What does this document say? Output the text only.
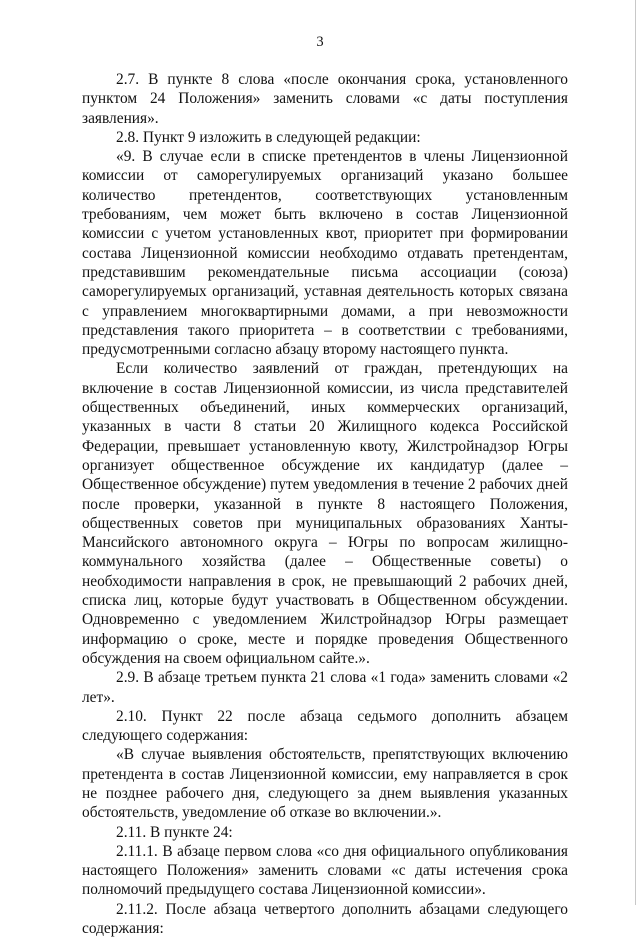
3

2.7. В пункте 8 слова «после окончания срока, установленного пунктом 24 Положения» заменить словами «с даты поступления заявления».

2.8. Пункт 9 изложить в следующей редакции:

«9. В случае если в списке претендентов в члены Лицензионной комиссии от саморегулируемых организаций указано большее количество претендентов, соответствующих установленным требованиям, чем может быть включено в состав Лицензионной комиссии с учетом установленных квот, приоритет при формировании состава Лицензионной комиссии необходимо отдавать претендентам, представившим рекомендательные письма ассоциации (союза) саморегулируемых организаций, уставная деятельность которых связана с управлением многоквартирными домами, а при невозможности представления такого приоритета – в соответствии с требованиями, предусмотренными согласно абзацу второму настоящего пункта.

Если количество заявлений от граждан, претендующих на включение в состав Лицензионной комиссии, из числа представителей общественных объединений, иных коммерческих организаций, указанных в части 8 статьи 20 Жилищного кодекса Российской Федерации, превышает установленную квоту, Жилстройнадзор Югры организует общественное обсуждение их кандидатур (далее – Общественное обсуждение) путем уведомления в течение 2 рабочих дней после проверки, указанной в пункте 8 настоящего Положения, общественных советов при муниципальных образованиях Ханты-Мансийского автономного округа – Югры по вопросам жилищно-коммунального хозяйства (далее – Общественные советы) о необходимости направления в срок, не превышающий 2 рабочих дней, списка лиц, которые будут участвовать в Общественном обсуждении. Одновременно с уведомлением Жилстройнадзор Югры размещает информацию о сроке, месте и порядке проведения Общественного обсуждения на своем официальном сайте.».

2.9. В абзаце третьем пункта 21 слова «1 года» заменить словами «2 лет».

2.10. Пункт 22 после абзаца седьмого дополнить абзацем следующего содержания:

«В случае выявления обстоятельств, препятствующих включению претендента в состав Лицензионной комиссии, ему направляется в срок не позднее рабочего дня, следующего за днем выявления указанных обстоятельств, уведомление об отказе во включении.».

2.11. В пункте 24:

2.11.1. В абзаце первом слова «со дня официального опубликования настоящего Положения» заменить словами «с даты истечения срока полномочий предыдущего состава Лицензионной комиссии».

2.11.2. После абзаца четвертого дополнить абзацами следующего содержания:
